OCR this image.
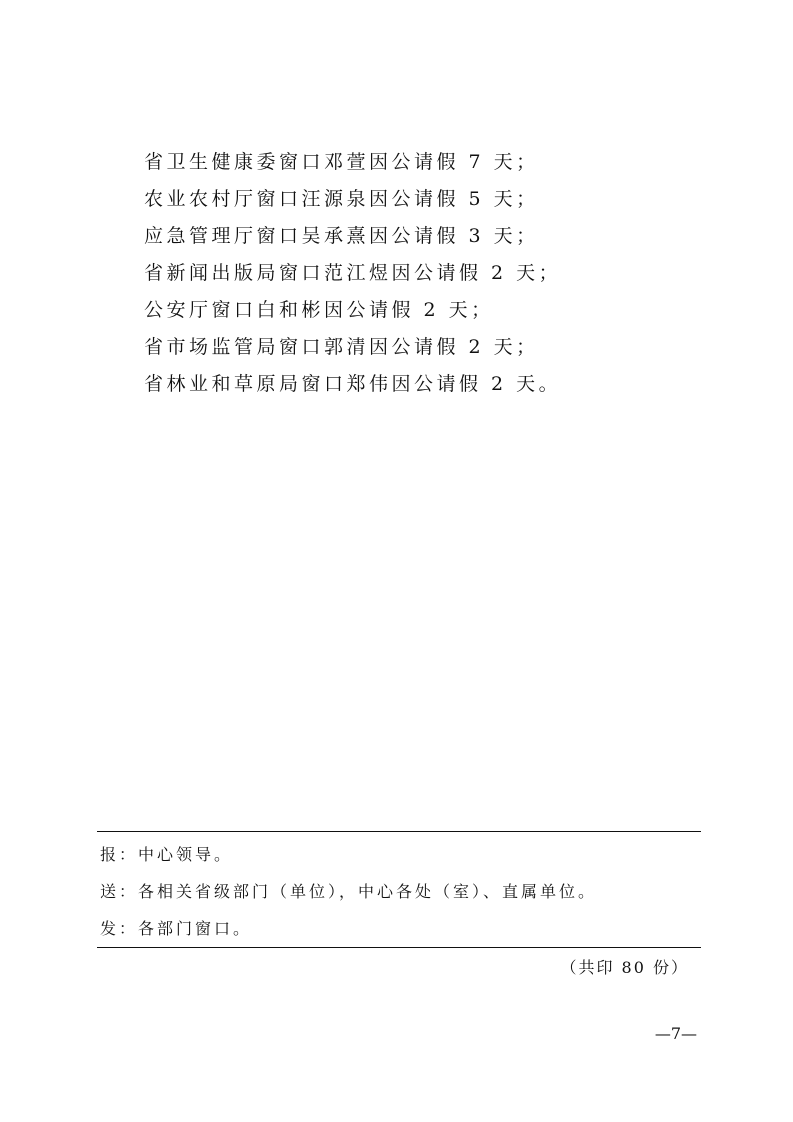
省卫生健康委窗口邓萱因公请假 7 天；
农业农村厅窗口汪源泉因公请假 5 天；
应急管理厅窗口吴承熹因公请假 3 天；
省新闻出版局窗口范江煜因公请假 2 天；
公安厅窗口白和彬因公请假 2 天；
省市场监管局窗口郭清因公请假 2 天；
省林业和草原局窗口郑伟因公请假 2 天。
报：中心领导。
送：各相关省级部门（单位），中心各处（室）、直属单位。
发：各部门窗口。
（共印 80 份）
—7—
